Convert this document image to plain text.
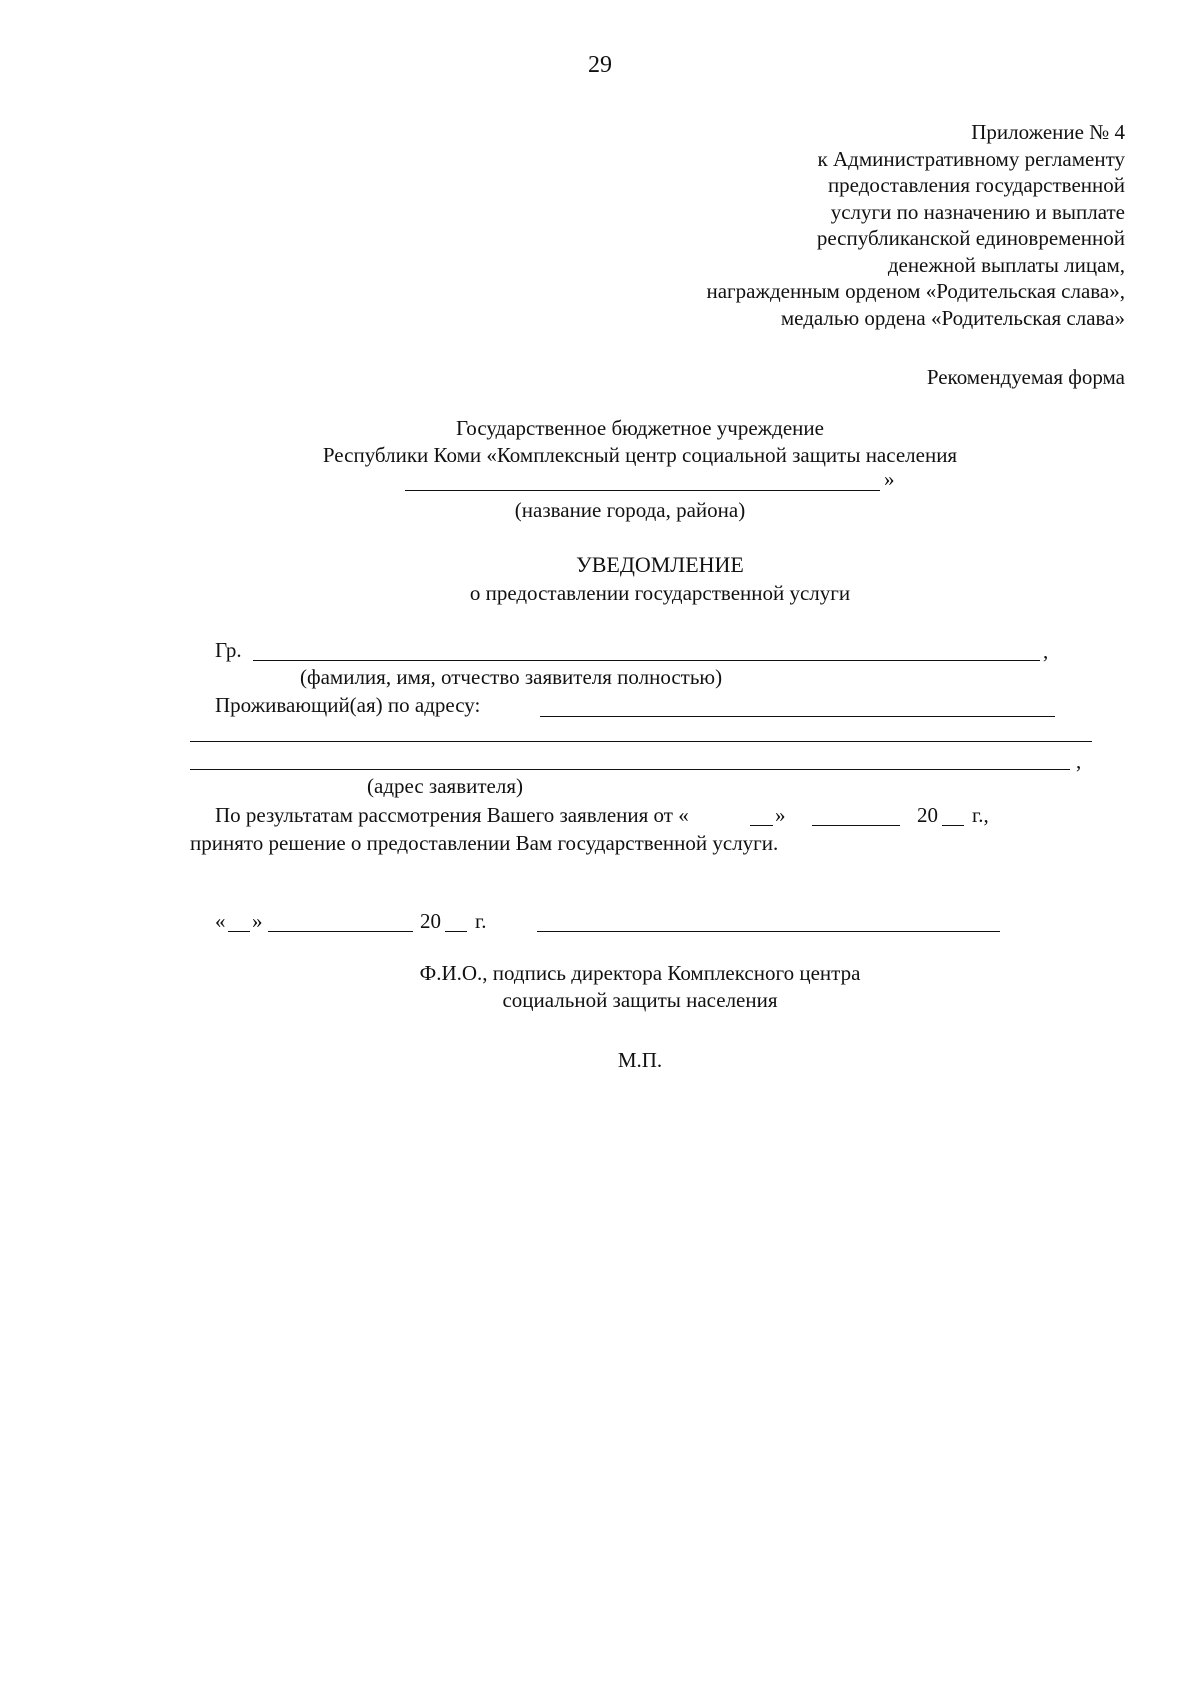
29
Приложение № 4
к Административному регламенту
предоставления государственной
услуги по назначению и выплате
республиканской единовременной
денежной выплаты лицам,
награжденным орденом «Родительская слава»,
медалью ордена «Родительская слава»
Рекомендуемая форма
Государственное бюджетное учреждение
Республики Коми «Комплексный центр социальной защиты населения
»
(название города, района)
УВЕДОМЛЕНИЕ
о предоставлении государственной услуги
Гр.	,
(фамилия, имя, отчество заявителя полностью)
Проживающий(ая) по адресу:
,
(адрес заявителя)
По результатам рассмотрения Вашего заявления от «	»	20 г.,
принято решение о предоставлении Вам государственной услуги.
« »	20 г.
Ф.И.О., подпись директора Комплексного центра
социальной защиты населения
М.П.
